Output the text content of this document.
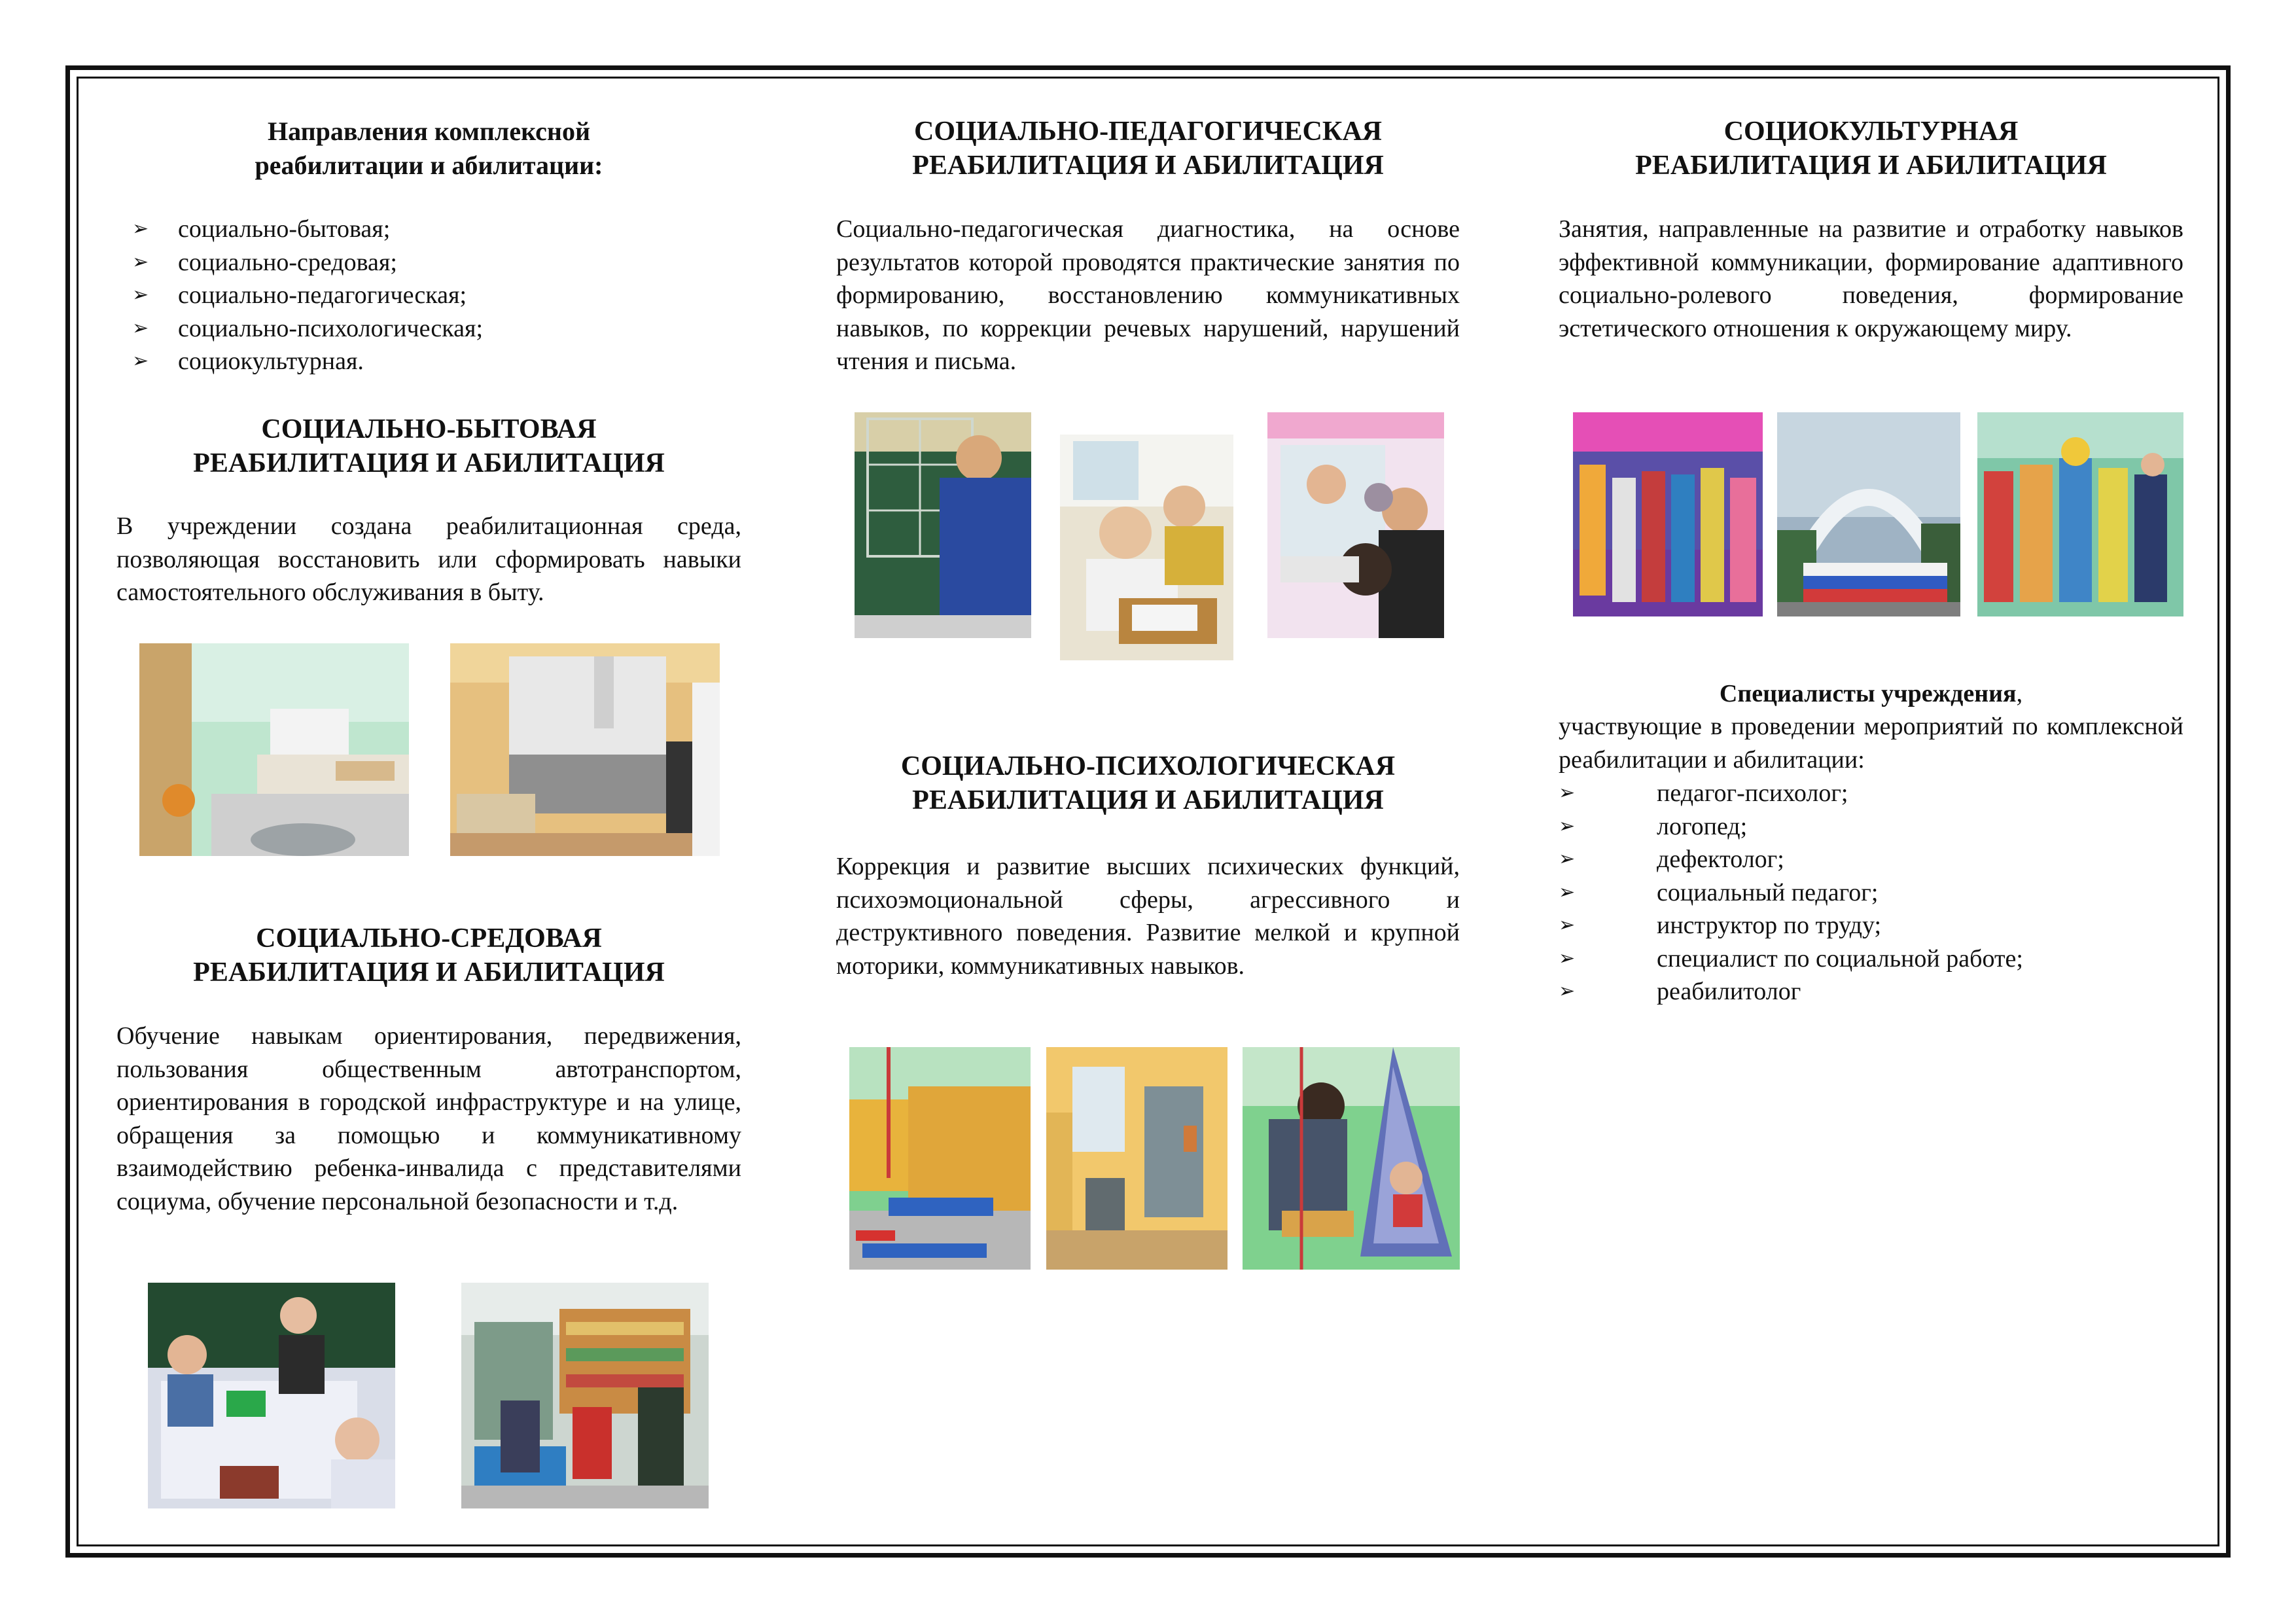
Направления комплексной
реабилитации и абилитации:
➢ социально-бытовая;
➢ социально-средовая;
➢ социально-педагогическая;
➢ социально-психологическая;
➢ социокультурная.
СОЦИАЛЬНО-БЫТОВАЯ
РЕАБИЛИТАЦИЯ И АБИЛИТАЦИЯ
В учреждении создана реабилитационная среда, позволяющая восстановить или сформировать навыки самостоятельного обслуживания в быту.
СОЦИАЛЬНО-СРЕДОВАЯ
РЕАБИЛИТАЦИЯ И АБИЛИТАЦИЯ
Обучение навыкам ориентирования, передвижения, пользования общественным автотранспортом, ориентирования в городской инфраструктуре и на улице, обращения за помощью и коммуникативному взаимодействию ребенка-инвалида с представителями социума, обучение персональной безопасности и т.д.
СОЦИАЛЬНО-ПЕДАГОГИЧЕСКАЯ
РЕАБИЛИТАЦИЯ И АБИЛИТАЦИЯ
Социально-педагогическая диагностика, на основе результатов которой проводятся практические занятия по формированию, восстановлению коммуникативных навыков, по коррекции речевых нарушений, нарушений чтения и письма.
СОЦИАЛЬНО-ПСИХОЛОГИЧЕСКАЯ
РЕАБИЛИТАЦИЯ И АБИЛИТАЦИЯ
Коррекция и развитие высших психических функций, психоэмоциональной сферы, агрессивного и деструктивного поведения. Развитие мелкой и крупной моторики, коммуникативных навыков.
СОЦИОКУЛЬТУРНАЯ
РЕАБИЛИТАЦИЯ И АБИЛИТАЦИЯ
Занятия, направленные на развитие и отработку навыков эффективной коммуникации, формирование адаптивного социально-ролевого поведения, формирование эстетического отношения к окружающему миру.
Специалисты учреждения,
участвующие в проведении мероприятий по комплексной реабилитации и абилитации:
➢	педагог-психолог;
➢	логопед;
➢	дефектолог;
➢	социальный педагог;
➢	инструктор по труду;
➢	специалист по социальной работе;
➢	реабилитолог
